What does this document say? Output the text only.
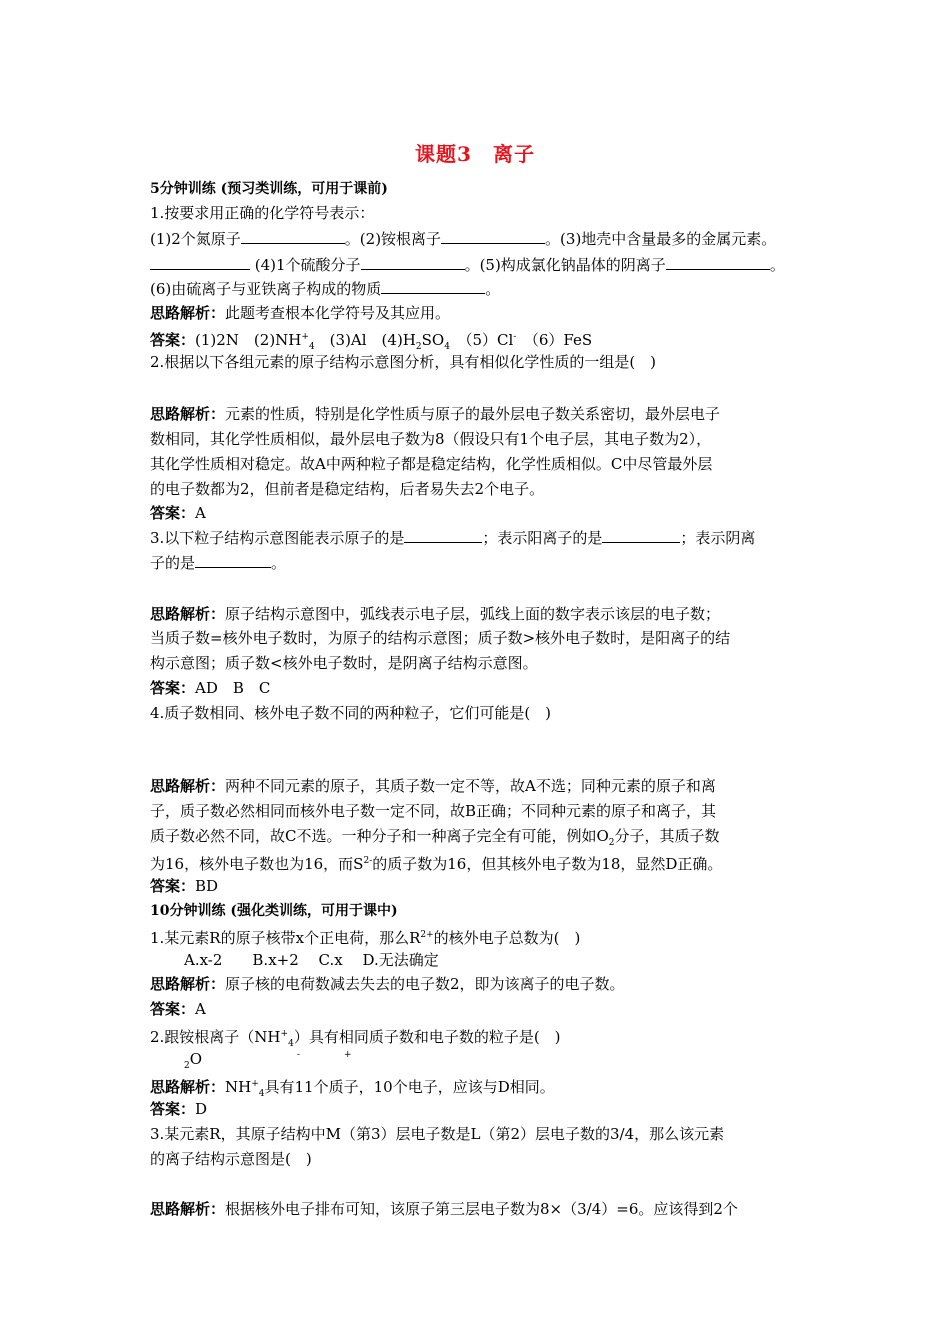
课题3　离子
5分钟训练 (预习类训练，可用于课前)
1.按要求用正确的化学符号表示：
(1)2个氮原子	。(2)铵根离子	。(3)地壳中含量最多的金属元素。
(4)1个硫酸分子	。(5)构成氯化钠晶体的阴离子	。
(6)由硫离子与亚铁离子构成的物质	。
思路解析：此题考查根本化学符号及其应用。
答案：(1)2N　$(2)NH^+_4$　(3)Al　$(4)H_2SO_4$　（5）Cl-　（6）FeS
2.根据以下各组元素的原子结构示意图分析，具有相似化学性质的一组是(　)
思路解析：元素的性质，特别是化学性质与原子的最外层电子数关系密切，最外层电子
数相同，其化学性质相似，最外层电子数为8（假设只有1个电子层，其电子数为2），
其化学性质相对稳定。故A中两种粒子都是稳定结构，化学性质相似。C中尽管最外层
的电子数都为2，但前者是稳定结构，后者易失去2个电子。
答案：A
3.以下粒子结构示意图能表示原子的是	；表示阳离子的是	；表示阴离
子的是	。
思路解析：原子结构示意图中，弧线表示电子层，弧线上面的数字表示该层的电子数；
当质子数=核外电子数时，为原子的结构示意图；质子数>核外电子数时，是阳离子的结
构示意图；质子数<核外电子数时，是阴离子结构示意图。
答案：AD　B　C
4.质子数相同、核外电子数不同的两种粒子，它们可能是(　)
思路解析：两种不同元素的原子，其质子数一定不等，故A不选；同种元素的原子和离
子，质子数必然相同而核外电子数一定不同，故B正确；不同种元素的原子和离子，其
质子数必然不同，故C不选。一种分子和一种离子完全有可能，例如$O_2$分子，其质子数
为16，核外电子数也为16，而$S^{2-}$的质子数为16，但其核外电子数为18，显然D正确。
答案：BD
10分钟训练 (强化类训练，可用于课中)
1.某元素R的原子核带x个正电荷，那么$R^{2+}$的核外电子总数为(　)
A.x-2　　B.x+2　 C.x　 D.无法确定
思路解析：原子核的电荷数减去失去的电子数2，即为该离子的电子数。
答案：A
2.跟铵根离子$(NH^+_4)$具有相同质子数和电子数的粒子是(　)
$_2$O	-	+
思路解析：$NH^+_4$具有11个质子，10个电子，应该与D相同。
答案：D
3.某元素R，其原子结构中M（第3）层电子数是L（第2）层电子数的3/4，那么该元素
的离子结构示意图是(　)
思路解析：根据核外电子排布可知，该原子第三层电子数为8×（3/4）=6。应该得到2个
